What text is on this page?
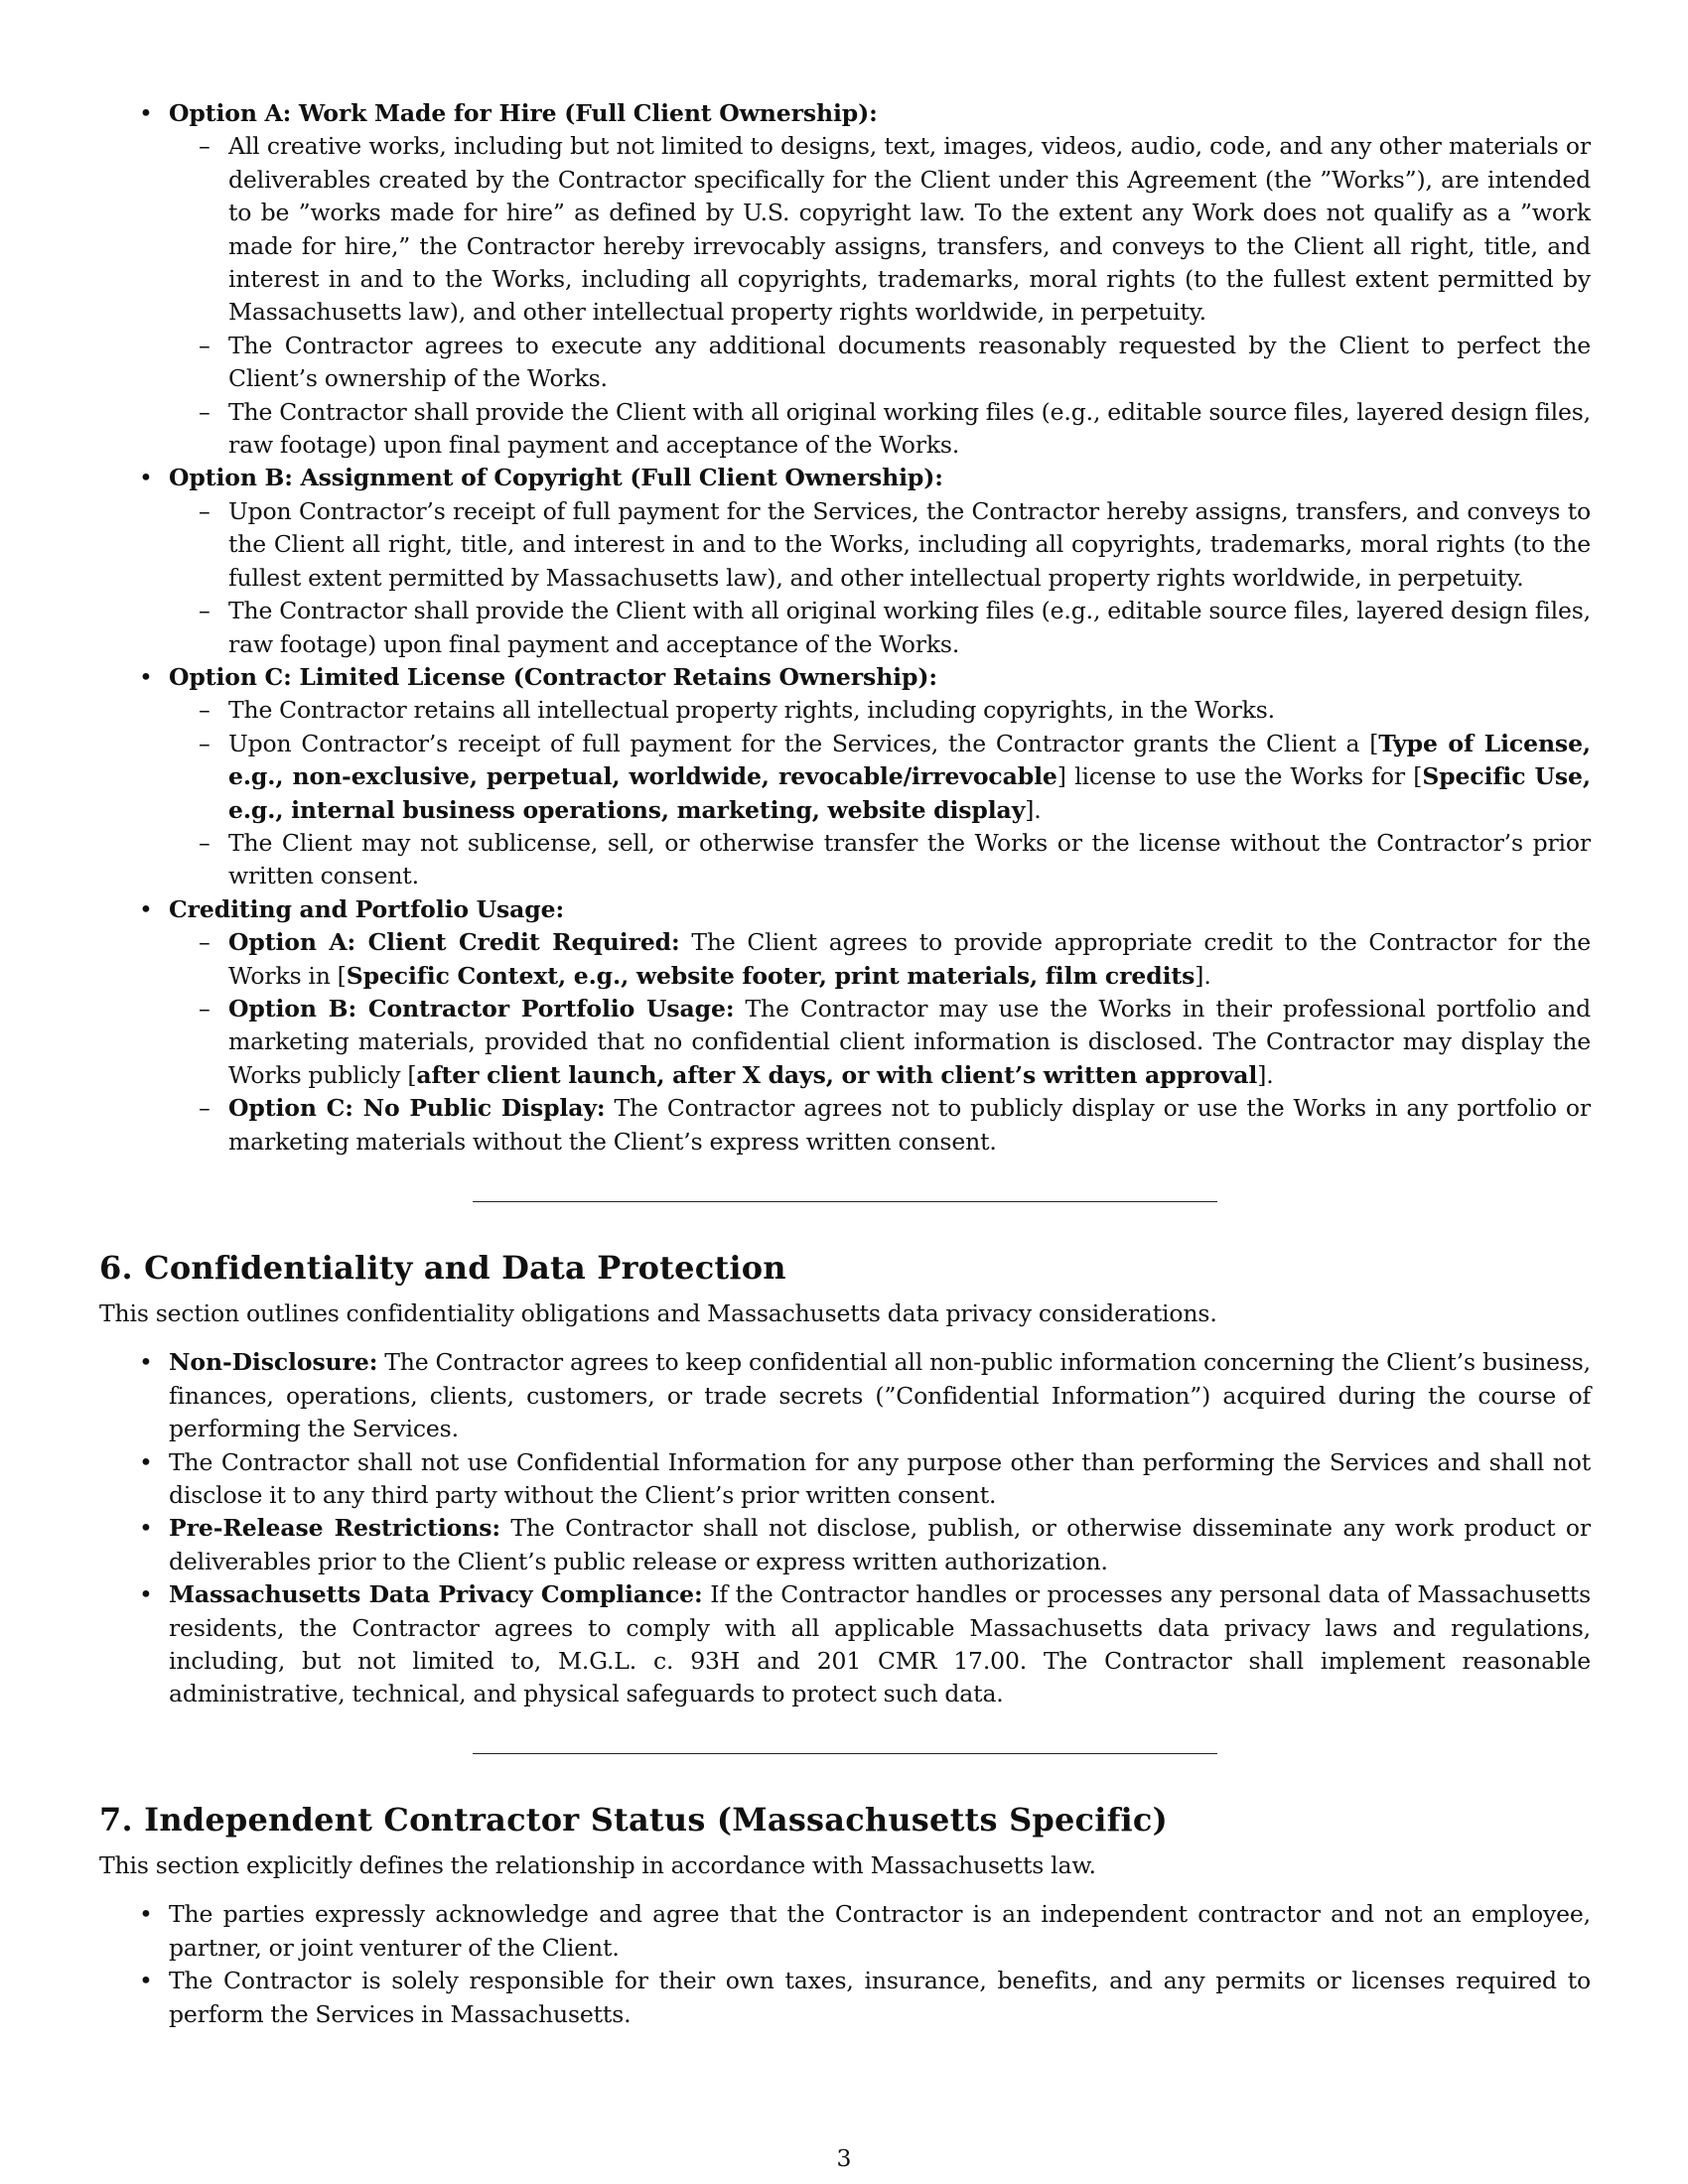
• Option A: Work Made for Hire (Full Client Ownership):
– All creative works, including but not limited to designs, text, images, videos, audio, code, and any other materials or deliverables created by the Contractor specifically for the Client under this Agreement (the ”Works”), are intended to be ”works made for hire” as defined by U.S. copyright law. To the extent any Work does not qualify as a ”work made for hire,” the Contractor hereby irrevocably assigns, transfers, and conveys to the Client all right, title, and interest in and to the Works, including all copyrights, trademarks, moral rights (to the fullest extent permitted by Massachusetts law), and other intellectual property rights worldwide, in perpetuity.
– The Contractor agrees to execute any additional documents reasonably requested by the Client to perfect the Client’s ownership of the Works.
– The Contractor shall provide the Client with all original working files (e.g., editable source files, layered design files, raw footage) upon final payment and acceptance of the Works.
• Option B: Assignment of Copyright (Full Client Ownership):
– Upon Contractor’s receipt of full payment for the Services, the Contractor hereby assigns, transfers, and conveys to the Client all right, title, and interest in and to the Works, including all copyrights, trademarks, moral rights (to the fullest extent permitted by Massachusetts law), and other intellectual property rights worldwide, in perpetuity.
– The Contractor shall provide the Client with all original working files (e.g., editable source files, layered design files, raw footage) upon final payment and acceptance of the Works.
• Option C: Limited License (Contractor Retains Ownership):
– The Contractor retains all intellectual property rights, including copyrights, in the Works.
– Upon Contractor’s receipt of full payment for the Services, the Contractor grants the Client a [Type of License, e.g., non-exclusive, perpetual, worldwide, revocable/irrevocable] license to use the Works for [Specific Use, e.g., internal business operations, marketing, website display].
– The Client may not sublicense, sell, or otherwise transfer the Works or the license without the Contractor’s prior written consent.
• Crediting and Portfolio Usage:
– Option A: Client Credit Required: The Client agrees to provide appropriate credit to the Contractor for the Works in [Specific Context, e.g., website footer, print materials, film credits].
– Option B: Contractor Portfolio Usage: The Contractor may use the Works in their professional portfolio and marketing materials, provided that no confidential client information is disclosed. The Contractor may display the Works publicly [after client launch, after X days, or with client’s written approval].
– Option C: No Public Display: The Contractor agrees not to publicly display or use the Works in any portfolio or marketing materials without the Client’s express written consent.
6. Confidentiality and Data Protection
This section outlines confidentiality obligations and Massachusetts data privacy considerations.
• Non-Disclosure: The Contractor agrees to keep confidential all non-public information concerning the Client’s business, finances, operations, clients, customers, or trade secrets (”Confidential Information”) acquired during the course of performing the Services.
• The Contractor shall not use Confidential Information for any purpose other than performing the Services and shall not disclose it to any third party without the Client’s prior written consent.
• Pre-Release Restrictions: The Contractor shall not disclose, publish, or otherwise disseminate any work product or deliverables prior to the Client’s public release or express written authorization.
• Massachusetts Data Privacy Compliance: If the Contractor handles or processes any personal data of Massachusetts residents, the Contractor agrees to comply with all applicable Massachusetts data privacy laws and regulations, including, but not limited to, M.G.L. c. 93H and 201 CMR 17.00. The Contractor shall implement reasonable administrative, technical, and physical safeguards to protect such data.
7. Independent Contractor Status (Massachusetts Specific)
This section explicitly defines the relationship in accordance with Massachusetts law.
• The parties expressly acknowledge and agree that the Contractor is an independent contractor and not an employee, partner, or joint venturer of the Client.
• The Contractor is solely responsible for their own taxes, insurance, benefits, and any permits or licenses required to perform the Services in Massachusetts.
3
